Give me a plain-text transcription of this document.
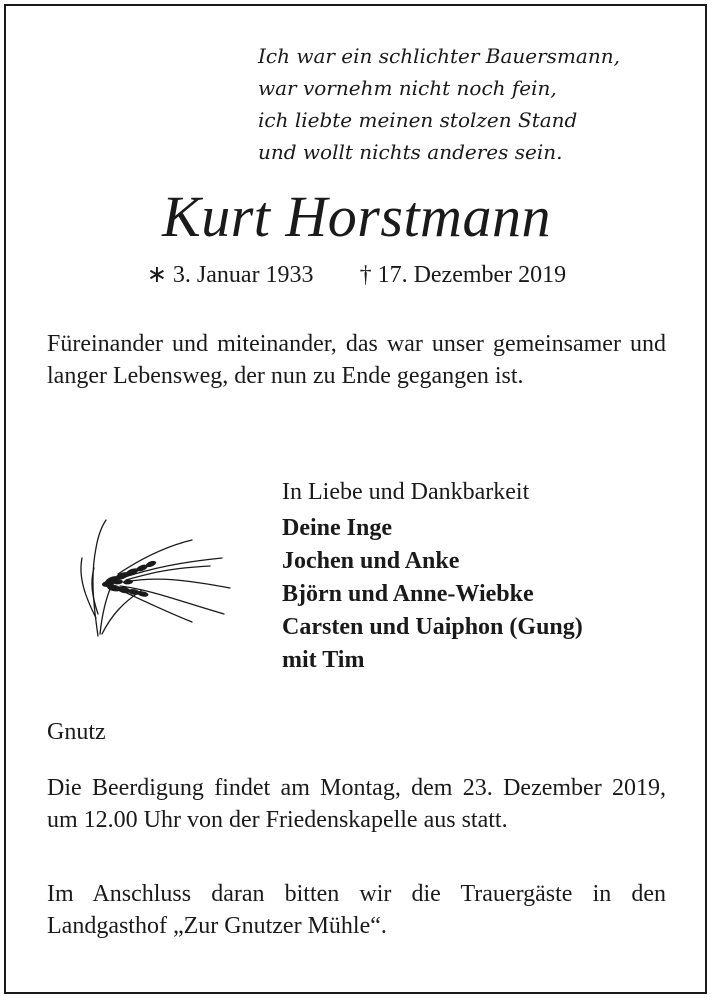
Ich war ein schlichter Bauersmann,
war vornehm nicht noch fein,
ich liebte meinen stolzen Stand
und wollt nichts anderes sein.
Kurt Horstmann
∗ 3. Januar 1933 † 17. Dezember 2019
Füreinander und miteinander, das war unser gemeinsamer und langer Lebensweg, der nun zu Ende gegangen ist.
In Liebe und Dankbarkeit
Deine Inge
Jochen und Anke
Björn und Anne-Wiebke
Carsten und Uaiphon (Gung)
mit Tim
Gnutz
Die Beerdigung findet am Montag, dem 23. Dezember 2019, um 12.00 Uhr von der Friedenskapelle aus statt.
Im Anschluss daran bitten wir die Trauergäste in den Landgasthof „Zur Gnutzer Mühle“.
